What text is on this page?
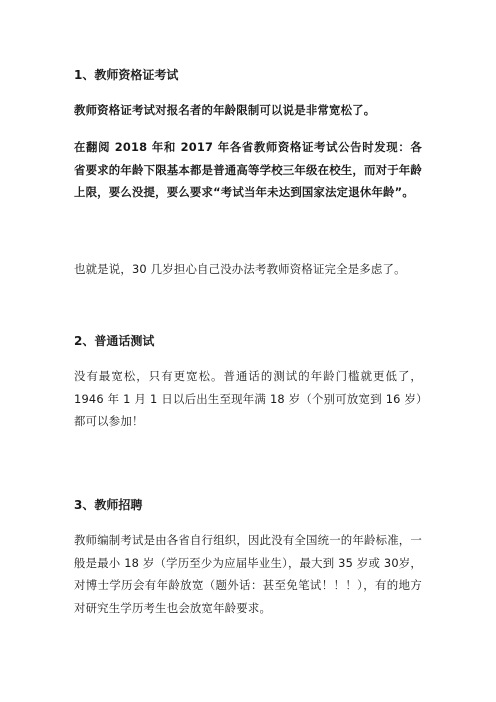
1、教师资格证考试
教师资格证考试对报名者的年龄限制可以说是非常宽松了。
在翻阅 2018 年和 2017 年各省教师资格证考试公告时发现：各省要求的年龄下限基本都是普通高等学校三年级在校生，而对于年龄上限，要么没提，要么要求“考试当年未达到国家法定退休年龄”。
也就是说，30 几岁担心自己没办法考教师资格证完全是多虑了。
2、普通话测试
没有最宽松，只有更宽松。普通话的测试的年龄门槛就更低了，1946 年 1 月 1 日以后出生至现年满 18 岁（个别可放宽到 16 岁）都可以参加！
3、教师招聘
教师编制考试是由各省自行组织，因此没有全国统一的年龄标准，一般是最小 18 岁（学历至少为应届毕业生），最大到 35 岁或 30岁，对博士学历会有年龄放宽（题外话：甚至免笔试！！！），有的地方对研究生学历考生也会放宽年龄要求。
